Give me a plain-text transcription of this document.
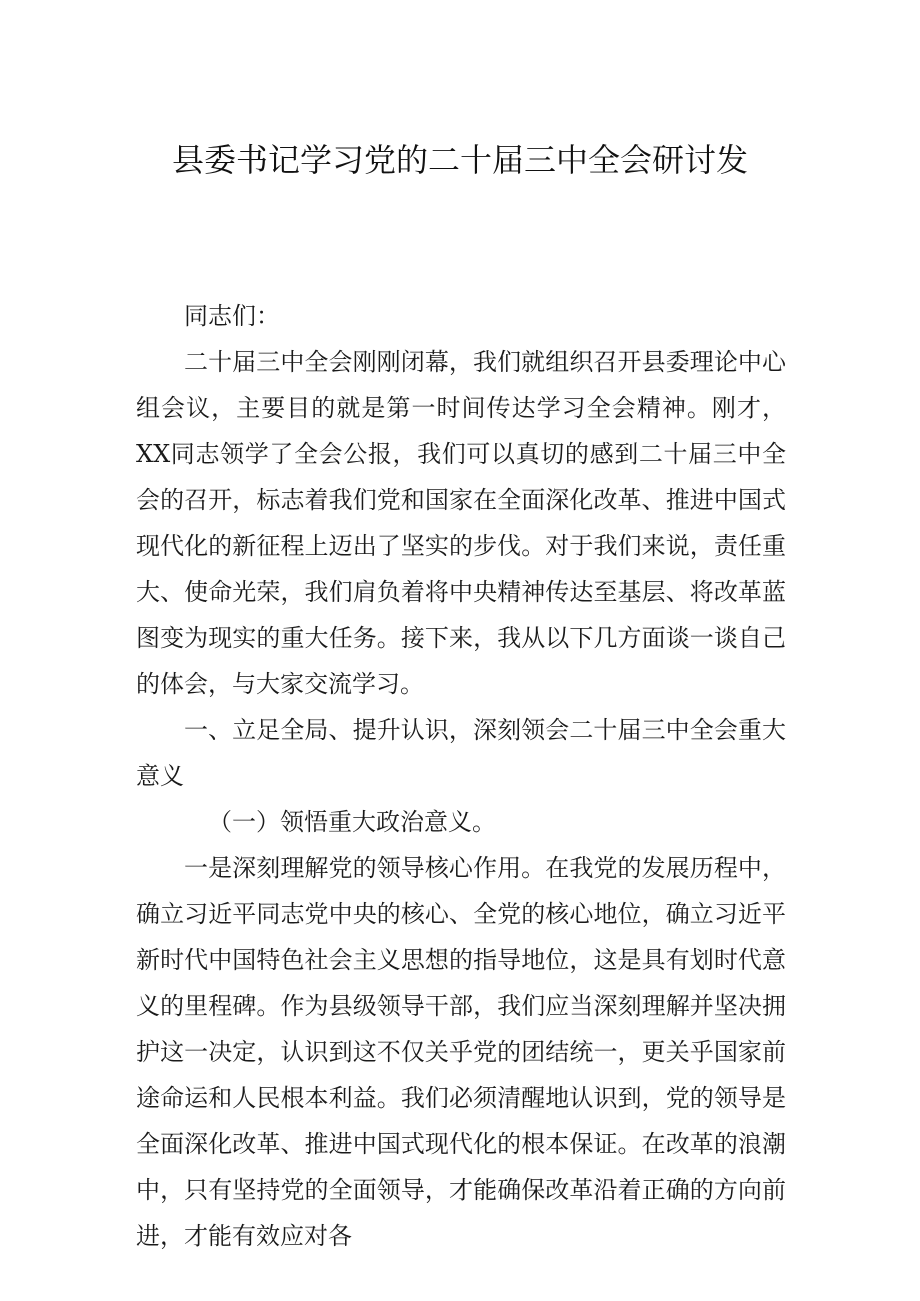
县委书记学习党的二十届三中全会研讨发

同志们：

二十届三中全会刚刚闭幕，我们就组织召开县委理论中心组会议，主要目的就是第一时间传达学习全会精神。刚才，XX同志领学了全会公报，我们可以真切的感到二十届三中全会的召开，标志着我们党和国家在全面深化改革、推进中国式现代化的新征程上迈出了坚实的步伐。对于我们来说，责任重大、使命光荣，我们肩负着将中央精神传达至基层、将改革蓝图变为现实的重大任务。接下来，我从以下几方面谈一谈自己的体会，与大家交流学习。

一、立足全局、提升认识，深刻领会二十届三中全会重大意义

（一）领悟重大政治意义。

一是深刻理解党的领导核心作用。在我党的发展历程中，确立习近平同志党中央的核心、全党的核心地位，确立习近平新时代中国特色社会主义思想的指导地位，这是具有划时代意义的里程碑。作为县级领导干部，我们应当深刻理解并坚决拥护这一决定，认识到这不仅关乎党的团结统一，更关乎国家前途命运和人民根本利益。我们必须清醒地认识到，党的领导是全面深化改革、推进中国式现代化的根本保证。在改革的浪潮中，只有坚持党的全面领导，才能确保改革沿着正确的方向前进，才能有效应对各
